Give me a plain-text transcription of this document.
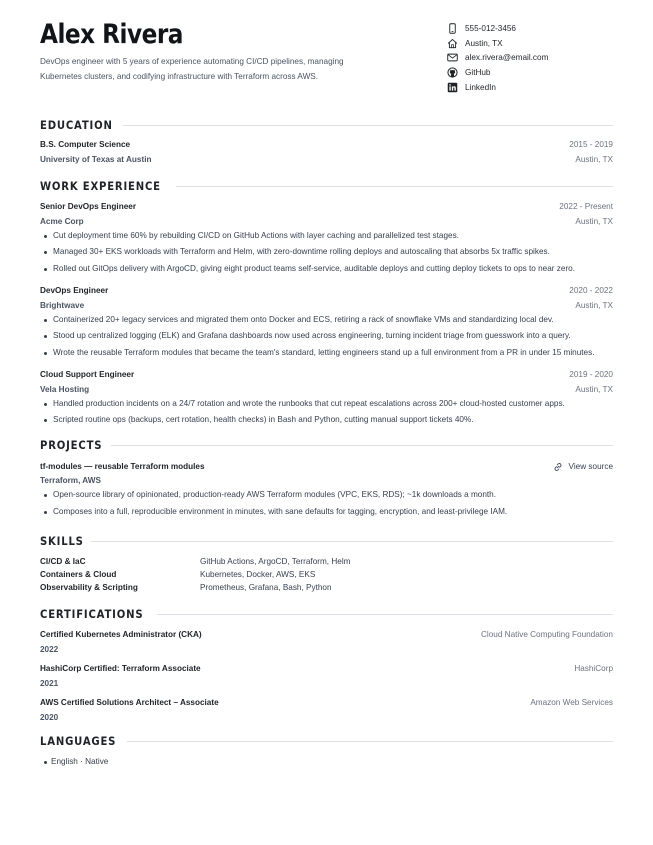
Alex Rivera
DevOps engineer with 5 years of experience automating CI/CD pipelines, managing Kubernetes clusters, and codifying infrastructure with Terraform across AWS.
555-012-3456
Austin, TX
alex.rivera@email.com
GitHub
LinkedIn
EDUCATION
B.S. Computer Science	2015 - 2019
University of Texas at Austin	Austin, TX
WORK EXPERIENCE
Senior DevOps Engineer	2022 - Present
Acme Corp	Austin, TX
Cut deployment time 60% by rebuilding CI/CD on GitHub Actions with layer caching and parallelized test stages.
Managed 30+ EKS workloads with Terraform and Helm, with zero-downtime rolling deploys and autoscaling that absorbs 5x traffic spikes.
Rolled out GitOps delivery with ArgoCD, giving eight product teams self-service, auditable deploys and cutting deploy tickets to ops to near zero.
DevOps Engineer	2020 - 2022
Brightwave	Austin, TX
Containerized 20+ legacy services and migrated them onto Docker and ECS, retiring a rack of snowflake VMs and standardizing local dev.
Stood up centralized logging (ELK) and Grafana dashboards now used across engineering, turning incident triage from guesswork into a query.
Wrote the reusable Terraform modules that became the team's standard, letting engineers stand up a full environment from a PR in under 15 minutes.
Cloud Support Engineer	2019 - 2020
Vela Hosting	Austin, TX
Handled production incidents on a 24/7 rotation and wrote the runbooks that cut repeat escalations across 200+ cloud-hosted customer apps.
Scripted routine ops (backups, cert rotation, health checks) in Bash and Python, cutting manual support tickets 40%.
PROJECTS
tf-modules — reusable Terraform modules	View source
Terraform, AWS
Open-source library of opinionated, production-ready AWS Terraform modules (VPC, EKS, RDS); ~1k downloads a month.
Composes into a full, reproducible environment in minutes, with sane defaults for tagging, encryption, and least-privilege IAM.
SKILLS
CI/CD & IaC	GitHub Actions, ArgoCD, Terraform, Helm
Containers & Cloud	Kubernetes, Docker, AWS, EKS
Observability & Scripting	Prometheus, Grafana, Bash, Python
CERTIFICATIONS
Certified Kubernetes Administrator (CKA)	Cloud Native Computing Foundation
2022
HashiCorp Certified: Terraform Associate	HashiCorp
2021
AWS Certified Solutions Architect – Associate	Amazon Web Services
2020
LANGUAGES
English · Native
